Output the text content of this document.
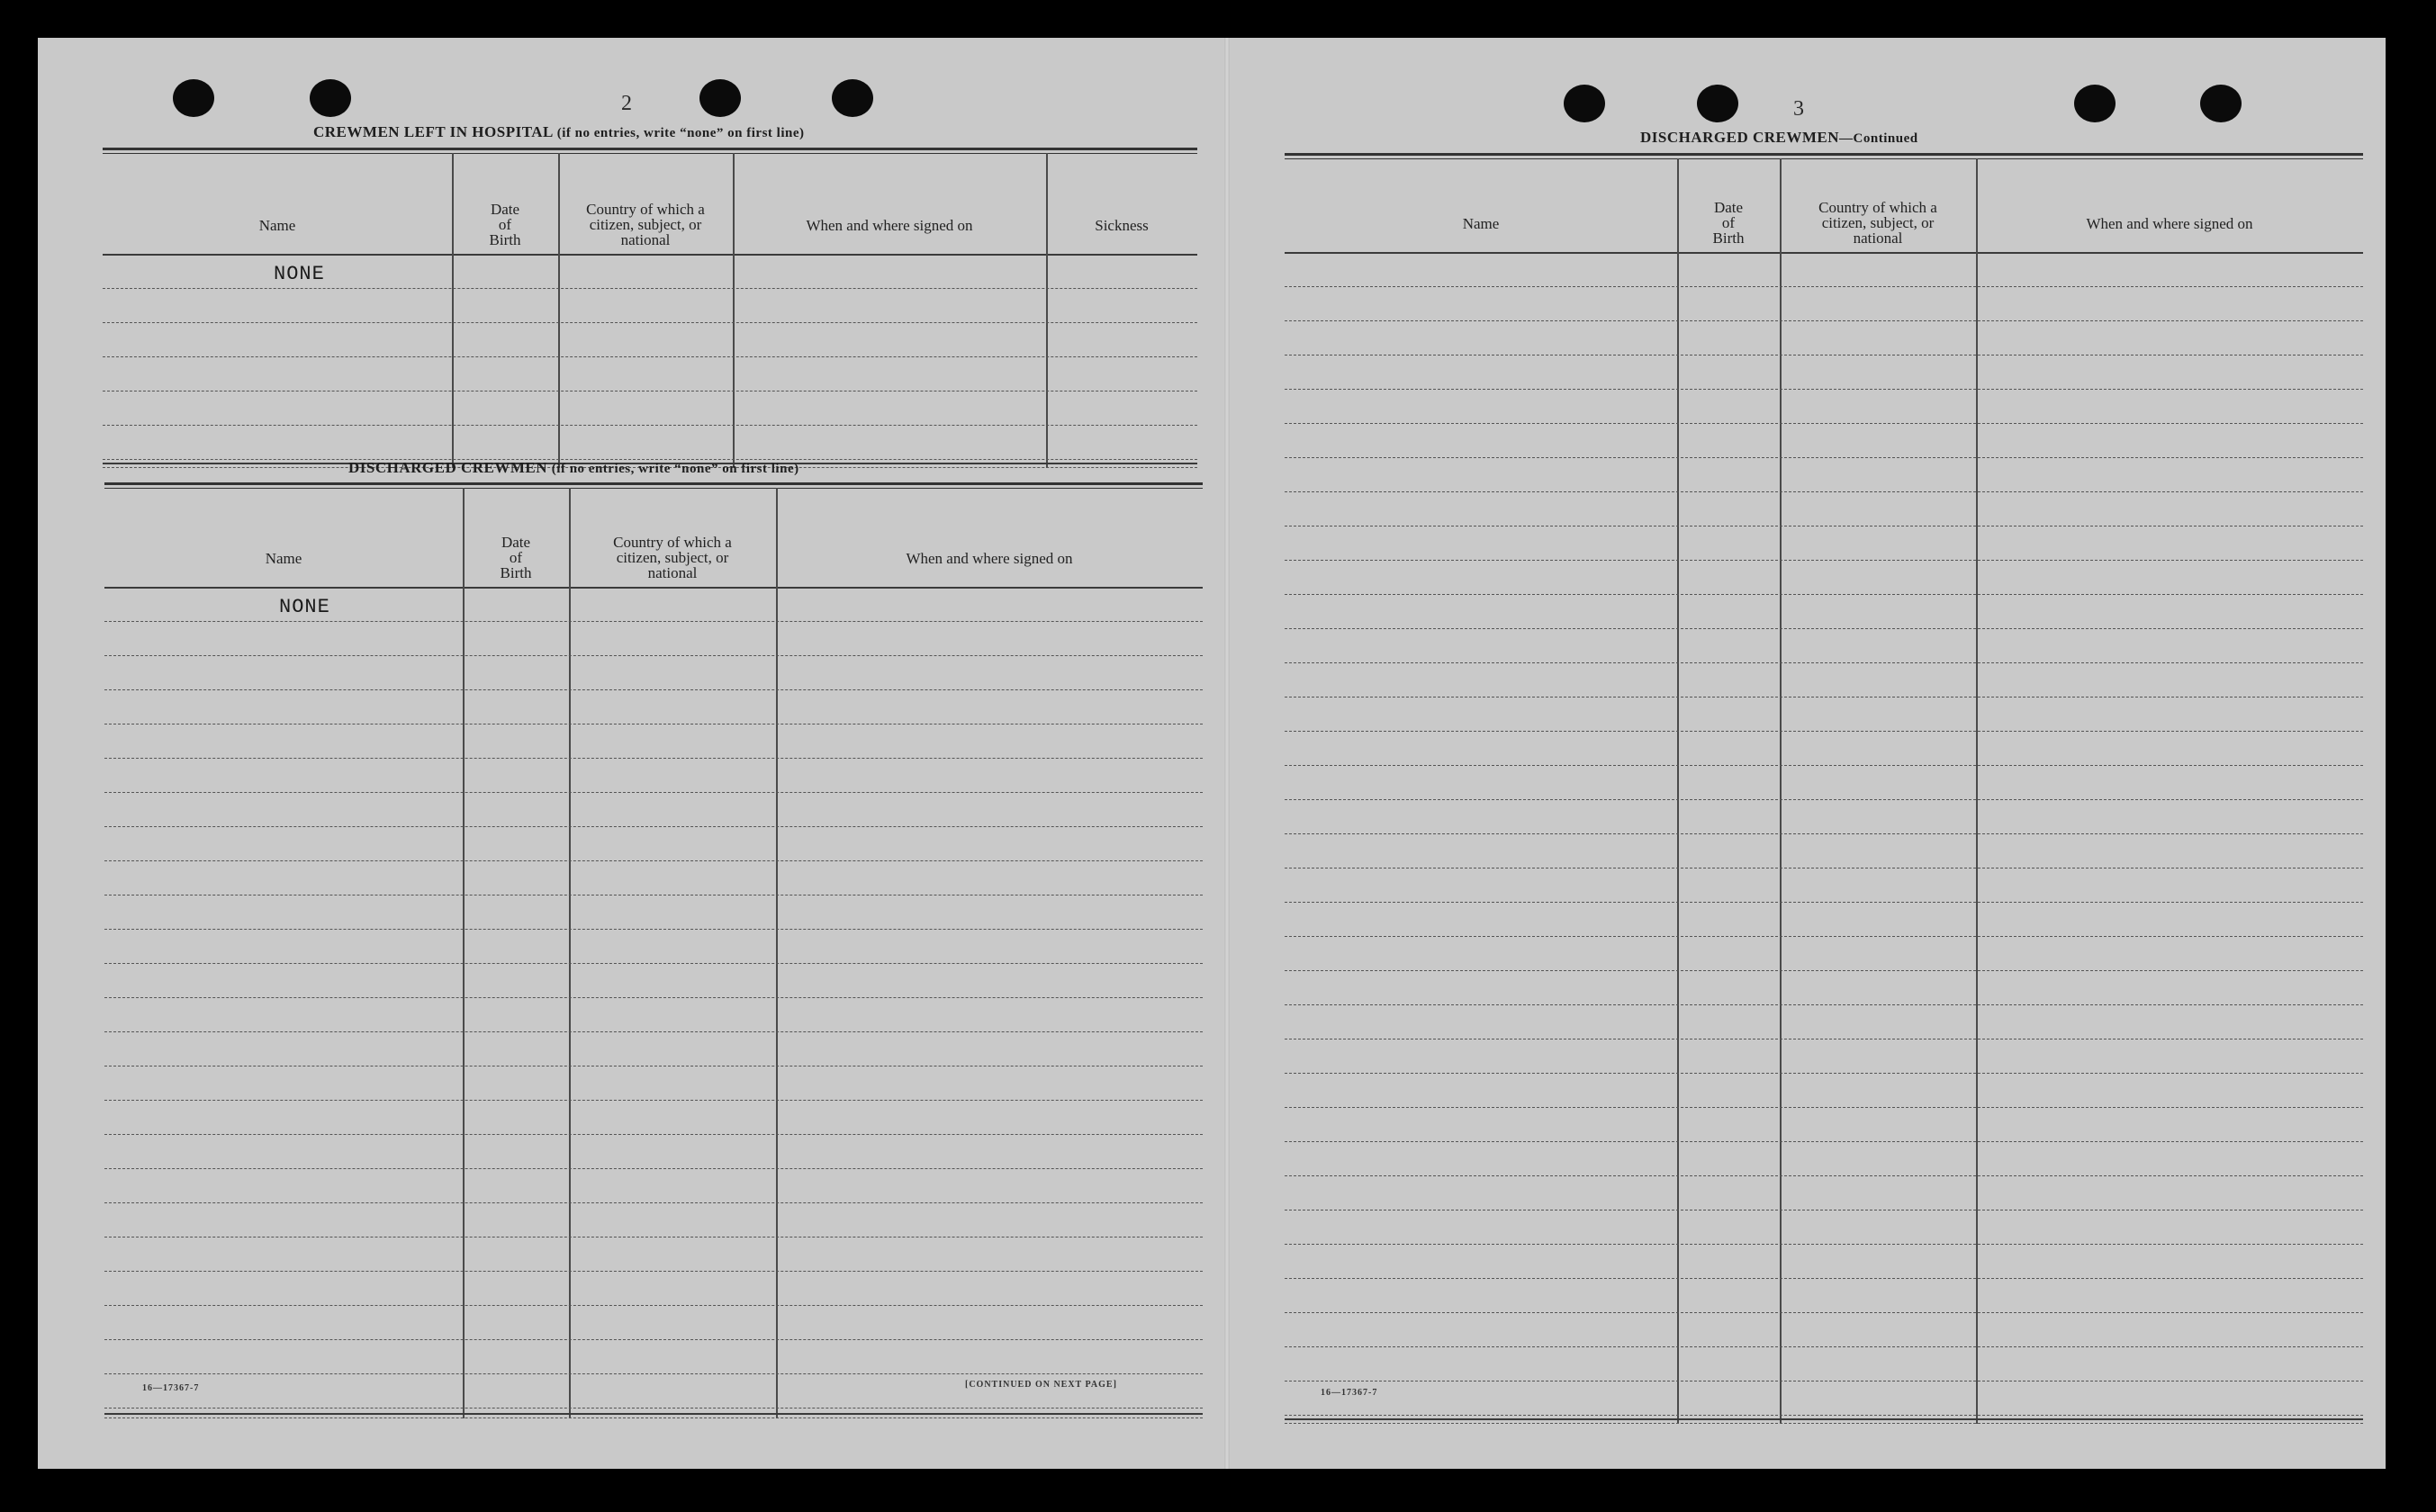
2
CREWMEN LEFT IN HOSPITAL (if no entries, write “none” on first line)
Name
Date
of
Birth
Country of which a
citizen, subject, or
national
When and where signed on	Sickness
NONE
DISCHARGED CREWMEN (if no entries, write “none” on first line)
Name
Date
of
Birth
Country of which a
citizen, subject, or
national
When and where signed on
NONE
16—17367-7	[CONTINUED ON NEXT PAGE]
3
DISCHARGED CREWMEN—Continued
Name
Date
of
Birth
Country of which a
citizen, subject, or
national
When and where signed on
16—17367-7
